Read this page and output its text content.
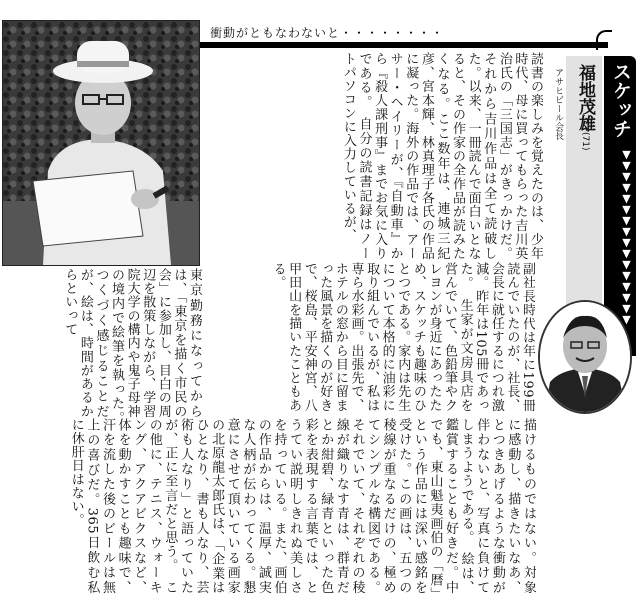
衝動がともなわないと・・・・・・・・
スケッチ
▼▼▼▼▼▼▼▼▼▼▼▼▼▼▼▼
福地茂雄(71)
アサヒビール会長
読書の楽しみを覚えたのは、少年時代、母に買ってもらった吉川英治氏の「三国志」がきっかけだ。それから吉川作品は全て読破した。以来、一冊読んで面白いとなると、その作家の全作品が読みたくなる。ここ数年は、連城三紀彦、宮本輝、林真理子各氏の作品に凝った。海外の作品では、アーサー・ヘイリーが、『自動車』から『殺人課刑事』までお気に入りである。　自分の読書記録はノートパソコンに入力しているが、
副社長時代は年に199冊読んでいたのが、社長、会長に就任するにつれ激減。昨年は105冊であった。　生家が文房具店を営んでいて、色鉛筆やクレヨンが身近にあったため、スケッチも趣味のひとつである。家内は先生について本格的に油彩に取り組んでいるが、私は専ら水彩画。出張先で、ホテルの窓から目に留まった風景を描くのが好きで、桜島、平安神宮、八甲田山を描いたこともある。
東京勤務になってからは、「東京を描く市民の会」に参加し、目白の周辺を散策しながら、学習院大学の構内や鬼子母神の境内で絵筆を執った。　つくづく感じることだが、絵は、時間があるからといって
描けるものではない。対象に感動し、描きたいなあ、とつきあげるような衝動が伴わないと、写真に負けてしまうようである。　絵は、鑑賞することも好きだ。中でも、東山魁夷画伯の「暦」という作品には深い感銘を受けた。この画は、五つの稜線が重なるだけの、極めてシンプルな構図である。それでいて、それぞれの稜線が織りなす青は、群青だとか紺碧、緑青といった色彩を表現する言葉では、とうてい説明しきれぬ美しさを持っている。また、画伯の作品からは、温厚、誠実な人柄が伝わってくる。懇意にさせて頂いている画家の北原龍太郎氏は、「企業はひとなり、書も人なり、芸術も人なり」と語っていたが、正に至言だと思う。　この他に、テニス、ウォーキング、アクアビクスなど、体を動かすことも趣味で、汗を流した後のビールは無上の喜びだ。365日飲む私に休肝日はない。
